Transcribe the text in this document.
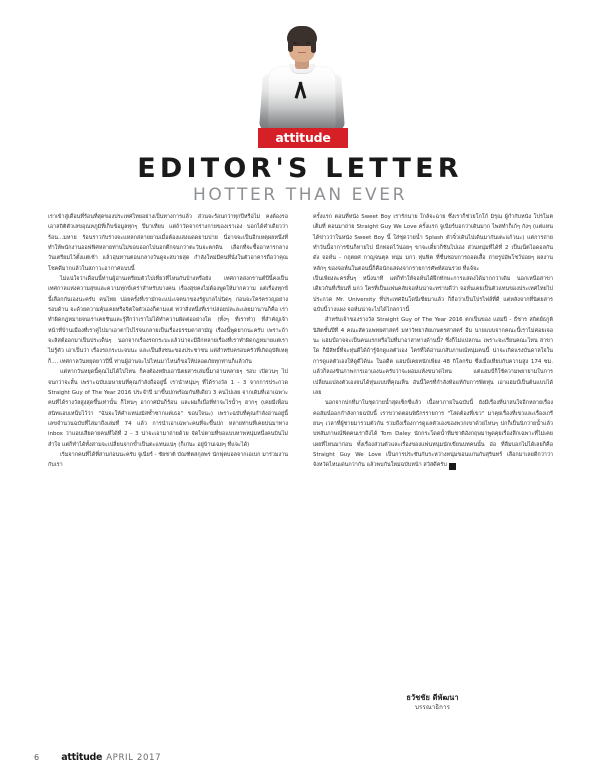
attitude
EDITOR'S LETTER
HOTTER THAN EVER

เราเข้าสู่เดือนที่ร้อนที่สุดของประเทศไทยอย่างเป็นทางการแล้ว ส่วนจะร้อนกว่าทุกปีหรือไม่ คงต้องรอเอาสถิติตัวเลขอุณหภูมิที่เก็บข้อมูลทุกๆ ปีมาเทียบ แต่ถ้าวัดจากร่างกายของเราเอง บอกได้คำเดียวว่าร้อน...มหาย ร้อนราวกับร่างจะแหลกสลายยามเมื่อต้องแสงแดดยามบ่าย นี่อาจจะเป็นอีกเหตุผลหนึ่งที่ทำให้พนักงานออฟฟิศหลายท่านไม่ขอบออกไปนอกตึกจนกว่าตะวันจะตกดิน เลือกที่จะซื้ออาหารกลางวันเตรียมไว้ตั้งแต่เช้า แล้วอุ่นทานตอนกลางวันดูจะสบายสุด กำลังใหม่มีคนที่นั่งในตัวอาคารถือว่าคุณโชคดีมากแล้วในสภาวะอากาศแบบนี้

ไม่แน่ใจว่าเดือนนี้ท่านผู้อ่านเตรียมตัวไปเที่ยวที่ไหนกันบ้างหรือยัง เทศกาลสงกรานต์ปีนี้คงเป็นเทศกาลแห่งความสุขและความทุกข์เคร่าสำหรับบางคน เรื่องสุขคงไม่ต้องพูดให้มากความ แต่เรื่องทุกข์นี้เลือกกันเองนะครับ คนไทย บ่อยครั้งที่เรามักจะแปะเจตนาของรัฐบาลไปนิดๆ ก่อนจะใคร่ครวญอย่างรอบด้าน จะด้วยความคุ้นเคยหรือจิตใจตัวเองก็ตามแต่ ทว่าสิ่งหนึ่งที่เราปล่อยปละละเลยมานานก็คือ เราทำผิดกฎหมายจนเราเคยชินและรู้สึกว่าเราไม่ได้ทำความผิดต่ออย่างใด (ทั้งๆ ที่เราทำ) ที่สำคัญเจ้าหน้าที่บ้านเมืองที่เราคู่ไปมาเอาตาไปไร่จนกลายเป็นเรื่องธรรมดาสามัญ เรื่องนี้พูดยากนะครับ เพราะถ้าจะลิสต์ออกมาเป็นประเด็นๆ นอกจากเรื่องรถกระบะแล้วน่าจะมีอีกหลายเรื่องที่เราทำผิดกฎหมายแต่เราไม่รู้ตัว เอาเป็นว่า เรื่องรถกระบะจบนะ และเป็นสิ่งชนะของประชาชน แต่สำหรับครอบครัวที่เกิดอุบัติเหตุก็.... เทศกาลวันหยุดยาวปีนี้ ท่านผู้อ่านจะไปไหนมาไหนก็ขอให้ปลอดภัยทุกท่านก็แล้วกัน

แต่หากวันหยุดนี้คุณไม่ได้ไปไหน ก็คงต้องหยิบเอานิตยสารเล่มนี้มาอ่านหลายๆ รอบ เปิดวนๆ ไปจนกว่าจะสิ้น เพราะฉบับเมษายนที่คุณกำลังถืออยู่นี้ เรานำหนุ่มๆ ที่ได้รางวัล 1 - 3 จากการประกวด Straight Guy of The Year 2016 ประจำปี มาขึ้นปกพร้อมกันทีเดียว 3 คนไปเลย จากเดิมที่เอาเฉพาะคนที่ได้รางวัลสูงสุดขึ้นเท่านั้น ก็ไหนๆ อากาศมันก็ร้อน และผมก็เบื่อที่ท่าจะไรน้ำๆ ฮากๆ (เคยมีเพื่อนสนิทแอบเหน็บไว้ว่า "ฉันจะให้คำแหน่งมิสซ้ำซากแต่เธอ" ขอบใจนะ) เพราะฉบับที่คุณกำลังอ่านอยู่นี้ เลขจำนวนฉบับที่ไล่มาถึงเล่มที่ 74 แล้ว การนำเอาเฉพาะคนที่จะขึ้นปก หลายท่านที่เคยบ่นมาทาง inbox ว่าแอบเสียดายคนที่ได้ที่ 2 - 3 น่าจะเอามาถ่ายด้วย จัดไปตามที่ขอแบบหาพหนุ่มหนึ่งคนบินไม่ลำใจ แต่ก็ทำได้ทั้งสามจะเปลี่ยนจากข้ำเป็นตะแทนแน่ๆ (ก็เก่นะ อยู่บ้านเฉยๆ ที่แจะได้)

เริ่มจากคนที่ได้ที่สามก่อนนะครับ จูเนียร์ - ชัยชาติ บัณฑิตสกุลพร นักฟุตบอลจากเอเบก มาร่วมงานกับเรา

ครั้งแรก ตอนที่หนัง Sweet Boy เรารักนาย ใกล้จะฉาย ซึ่งเราก็ช่วยโกโก้ มิรุณ ผู้กำกับหนัง โปรโมตเต็มที่ ตอนมาถ่าย Straight Guy We Love ครั้งแรก จูเนียร์บอกว่าเดินมาก ไพสทำก็เก้ๆ กังๆ (แต่แหน ได้ข่าวว่าในหนัง Sweet Boy นี้ ใส่ชุดว่ายน้ำ Splash ตัวจิ๋วเดินไปเดินมากันเตะแก้วนะ) แต่การถ่ายทำวันนี้อาการขินก็หายไป มีกทอดไว้น่อยๆ ขาจะเดี๋ยวก็ชินไปเอง ส่วนหนุ่มที่ได้ที่ 2 เป็นเน็ตไอดอลกันดัง จอห์น - กฤตยศ กาญจนตุล หนุ่ม มกว หุ่นฟิต ที่ชื่นชอบการถอดเสื้อ ถ่ายรูปอัพโชว์บ่อยๆ ผลงานหลักๆ ของจอห์นในตอนนี้ก็คือนักแสดงจากรายการศัพท์สอนรวย ที่แจ้จะ

เป็นเพียงละครสั้นๆ หนึ่งนาที แต่ก็ทำให้จอห์นได้ฝึกทักษะการแสดงได้มากกว่าเดิม นอกเหนือสาขาเดียวกันที่เรียนที่ มกว ใครที่เป็นแฟนคลับจอห์นน่าจะทราบดีว่า จอห์นเคยเป็นตัวแทนของประเทศไทยไปประกวด Mr. University ที่ประเทศอินโดนีเซียมาแล้ว ก็ถือว่าเป็นโปรไฟล์ที่ดี แต่หลังจากที่นิตยสารฉบับนี้วางแผง จอห์นน่าจะไปได้ไกลกว่านี้

สำหรับเจ้าของรางวัล Straight Guy of The Year 2016 ตกเป็นของ แฮมปี - ธีชาร สถิตย์ธกูติ นิสิตชั้นปีที่ 4 คณะสัตวแพทยศาสตร์ มหาวิทยาลัยเกษตรศาสตร์ อีม นายแบบจากคณะนี้เราไม่ค่อยเจอนะ แฮมป์อาจจะเป็นคนแรกหรือไม่ที่มาอาสาทางด้านนี้? ซึ่งก็ไม่แปลกนะ เพราะจะเรียนคณะไหน สาขาใด ก็มีสิทธิ์ที่จะหุ่นดีได้ถ้ารู้จักดูแลตัวเอง ใครที่ได้อ่านเกสับภาษณ์หนุ่มคนนี้ น่าจะเกิดแรงบันดาลใจในการดูแลตัวเองให้ดูดีได้นะ ในอดีต แฮมป์เคยหนักเพียง 48 กิโลกรัม ซึ่งเมื่อเทียบกับความสูง 174 ซม. แล้วก็ลองขินภาพการเอาเองนะครับว่าจะผอมแห้งขนาดไหน แต่แฮมป์ก็ใช้ความพยายามในการเปลี่ยนแปลงตัวเองจนได้หุ่นแบบที่คุณเห็น อันนี้ใครที่กำลังท้อแท้กับการฟิตหุ่น เอาแฮมป์เป็นต้นแบบได้เลย

นอกจากปกที่มาในชุดว่ายน้ำสุดเซ็กซี่แล้ว เนื้อหาภายในฉบับนี้ ยังมีเรื่องที่น่าสนใจอีกหลายเรื่อง คอลัมน์ออกกำลังกายฉบับนี้ เราขวาดตอนพิธีกรรายการ "โสดต้องที่เขว" มาคุยเรื่องที่เขวและเรื่องเกรียนๆ เวลาที่ผู้ชายมารวมตัวกัน รวมถึงเรื่องการดูแลตัวเองของพวกเขาด้วยไหนๆ ปกก็เป็นนิกว่ายน้ำแล้ว บทสัมภาษณ์ฟิตคนเราถึงได้ Tom Daley นักกระโดดน้ำทีมชาติอังกฤษมาพูดคุยเรื่องลึกเฉพาะที่ไม่เคยเผยที่ไหนมาก่อน ทั้งเรื่องส่วนตัวและเรื่องของแฟนหนุ่มนักเขียนบทคนนั้น อ๋อ ที่ลืมบอกไม่ได้เลยก็คือ Straight Guy We Love เป็นการประชันกันระหว่างหนุ่มขอนแก่นกับสุรินทร์ เลือกมาเลยดีกว่าว่าจังหวัดไหนเด่นกว่ากัน แล้วพบกันใหม่ฉบับหน้า สวัสดีครับ	a

ธวัชชัย ดีพัฒนา
บรรณาธิการ
6 attitude APRIL 2017
